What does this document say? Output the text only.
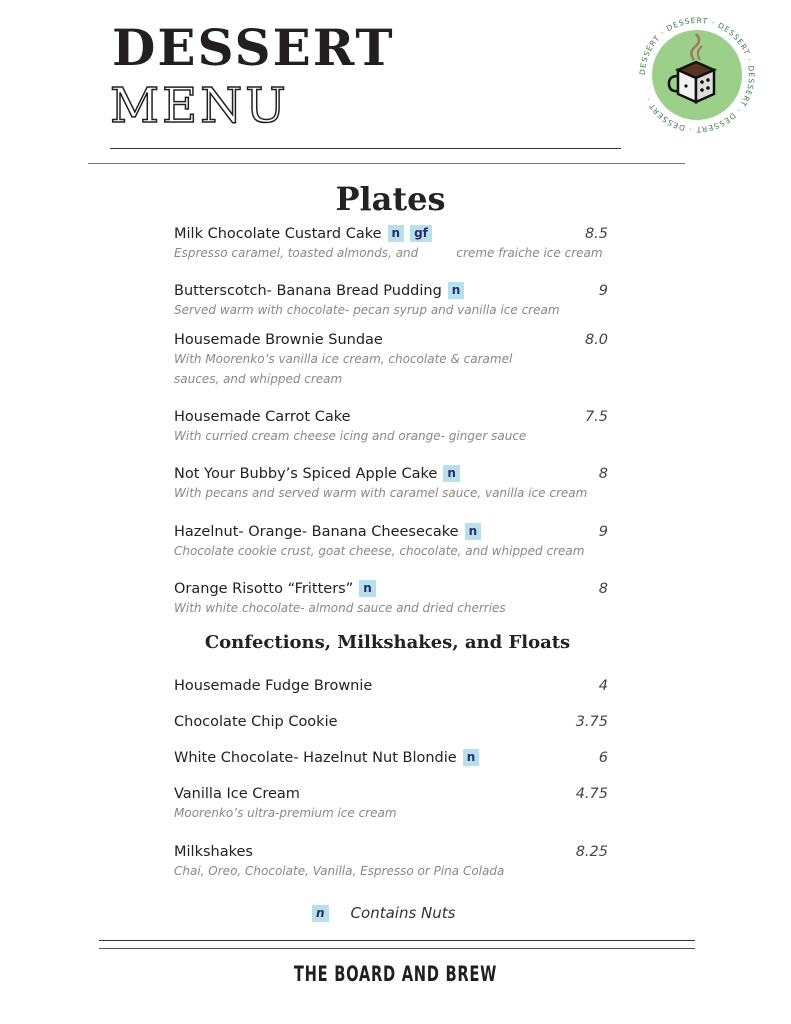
DESSERT
MENU
DESSERT · DESSERT · DESSERT · DESSERT · DESSERT · DESSERT ·
Plates
Milk Chocolate Custard Cake n gf	8.5
Espresso caramel, toasted almonds, and          creme fraiche ice cream
Butterscotch- Banana Bread Pudding n	9
Served warm with chocolate- pecan syrup and vanilla ice cream
Housemade Brownie Sundae	8.0
With Moorenko’s vanilla ice cream, chocolate & caramel sauces, and whipped cream
Housemade Carrot Cake	7.5
With curried cream cheese icing and orange- ginger sauce
Not Your Bubby’s Spiced Apple Cake n	8
With pecans and served warm with caramel sauce, vanilla ice cream
Hazelnut- Orange- Banana Cheesecake n	9
Chocolate cookie crust, goat cheese, chocolate, and whipped cream
Orange Risotto “Fritters” n	8
With white chocolate- almond sauce and dried cherries
Confections, Milkshakes, and Floats
Housemade Fudge Brownie	4
Chocolate Chip Cookie	3.75
White Chocolate- Hazelnut Nut Blondie n	6
Vanilla Ice Cream	4.75
Moorenko’s ultra-premium ice cream
Milkshakes	8.25
Chai, Oreo, Chocolate, Vanilla, Espresso or Pina Colada
n Contains Nuts
THE BOARD AND BREW
